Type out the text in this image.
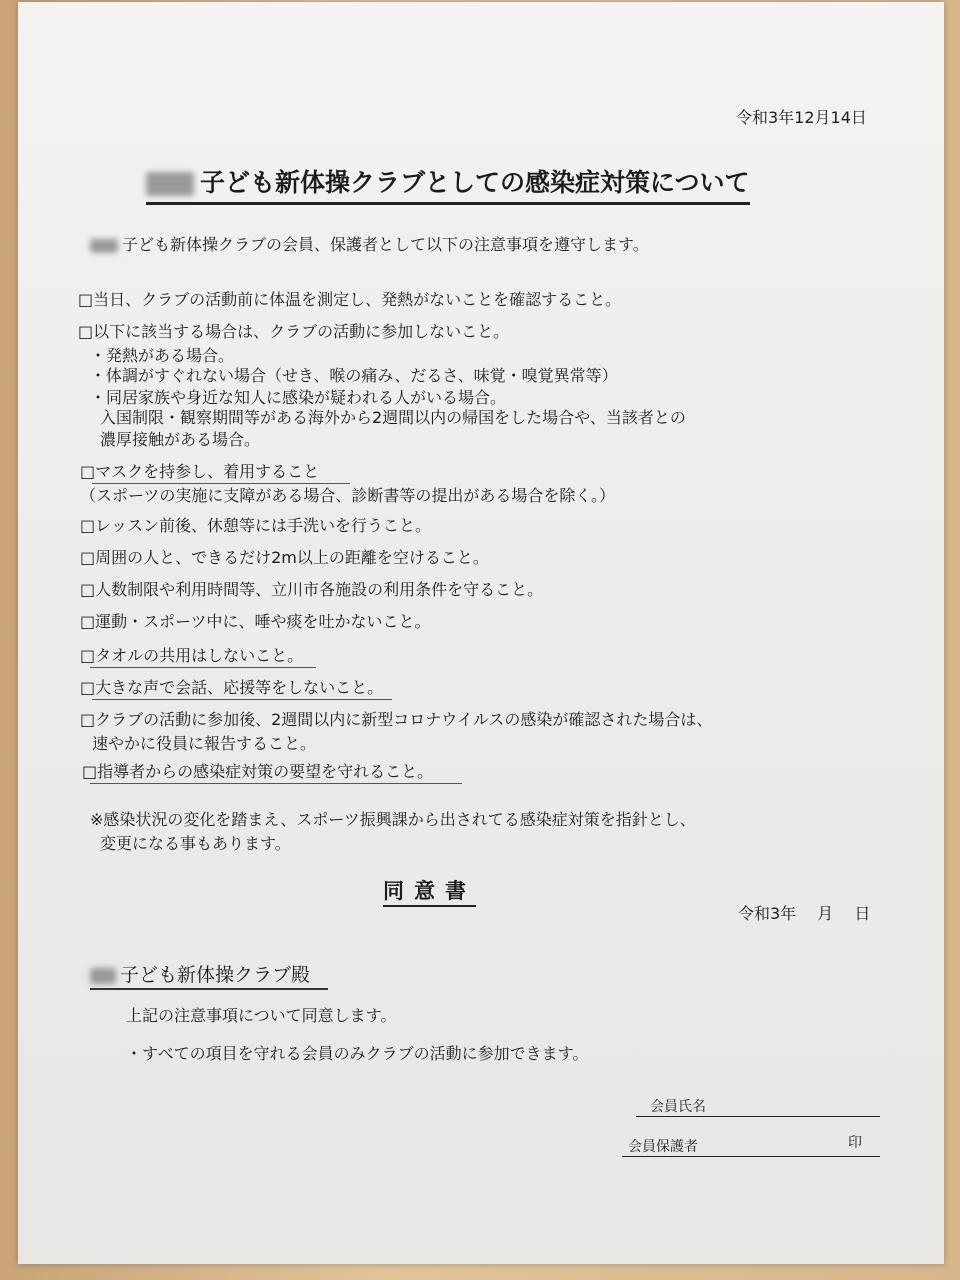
令和3年12月14日
子ども新体操クラブとしての感染症対策について
子ども新体操クラブの会員、保護者として以下の注意事項を遵守します。
□当日、クラブの活動前に体温を測定し、発熱がないことを確認すること。
□以下に該当する場合は、クラブの活動に参加しないこと。
・発熱がある場合。
・体調がすぐれない場合（せき、喉の痛み、だるさ、味覚・嗅覚異常等）
・同居家族や身近な知人に感染が疑われる人がいる場合。
入国制限・観察期間等がある海外から2週間以内の帰国をした場合や、当該者との
濃厚接触がある場合。
□マスクを持参し、着用すること
（スポーツの実施に支障がある場合、診断書等の提出がある場合を除く。）
□レッスン前後、休憩等には手洗いを行うこと。
□周囲の人と、できるだけ2m以上の距離を空けること。
□人数制限や利用時間等、立川市各施設の利用条件を守ること。
□運動・スポーツ中に、唾や痰を吐かないこと。
□タオルの共用はしないこと。
□大きな声で会話、応援等をしないこと。
□クラブの活動に参加後、2週間以内に新型コロナウイルスの感染が確認された場合は、
速やかに役員に報告すること。
□指導者からの感染症対策の要望を守れること。
※感染状況の変化を踏まえ、スポーツ振興課から出されてる感染症対策を指針とし、
変更になる事もあります。
同意書
令和3年　 月　 日
子ども新体操クラブ殿
上記の注意事項について同意します。
・すべての項目を守れる会員のみクラブの活動に参加できます。
会員氏名
会員保護者	印
